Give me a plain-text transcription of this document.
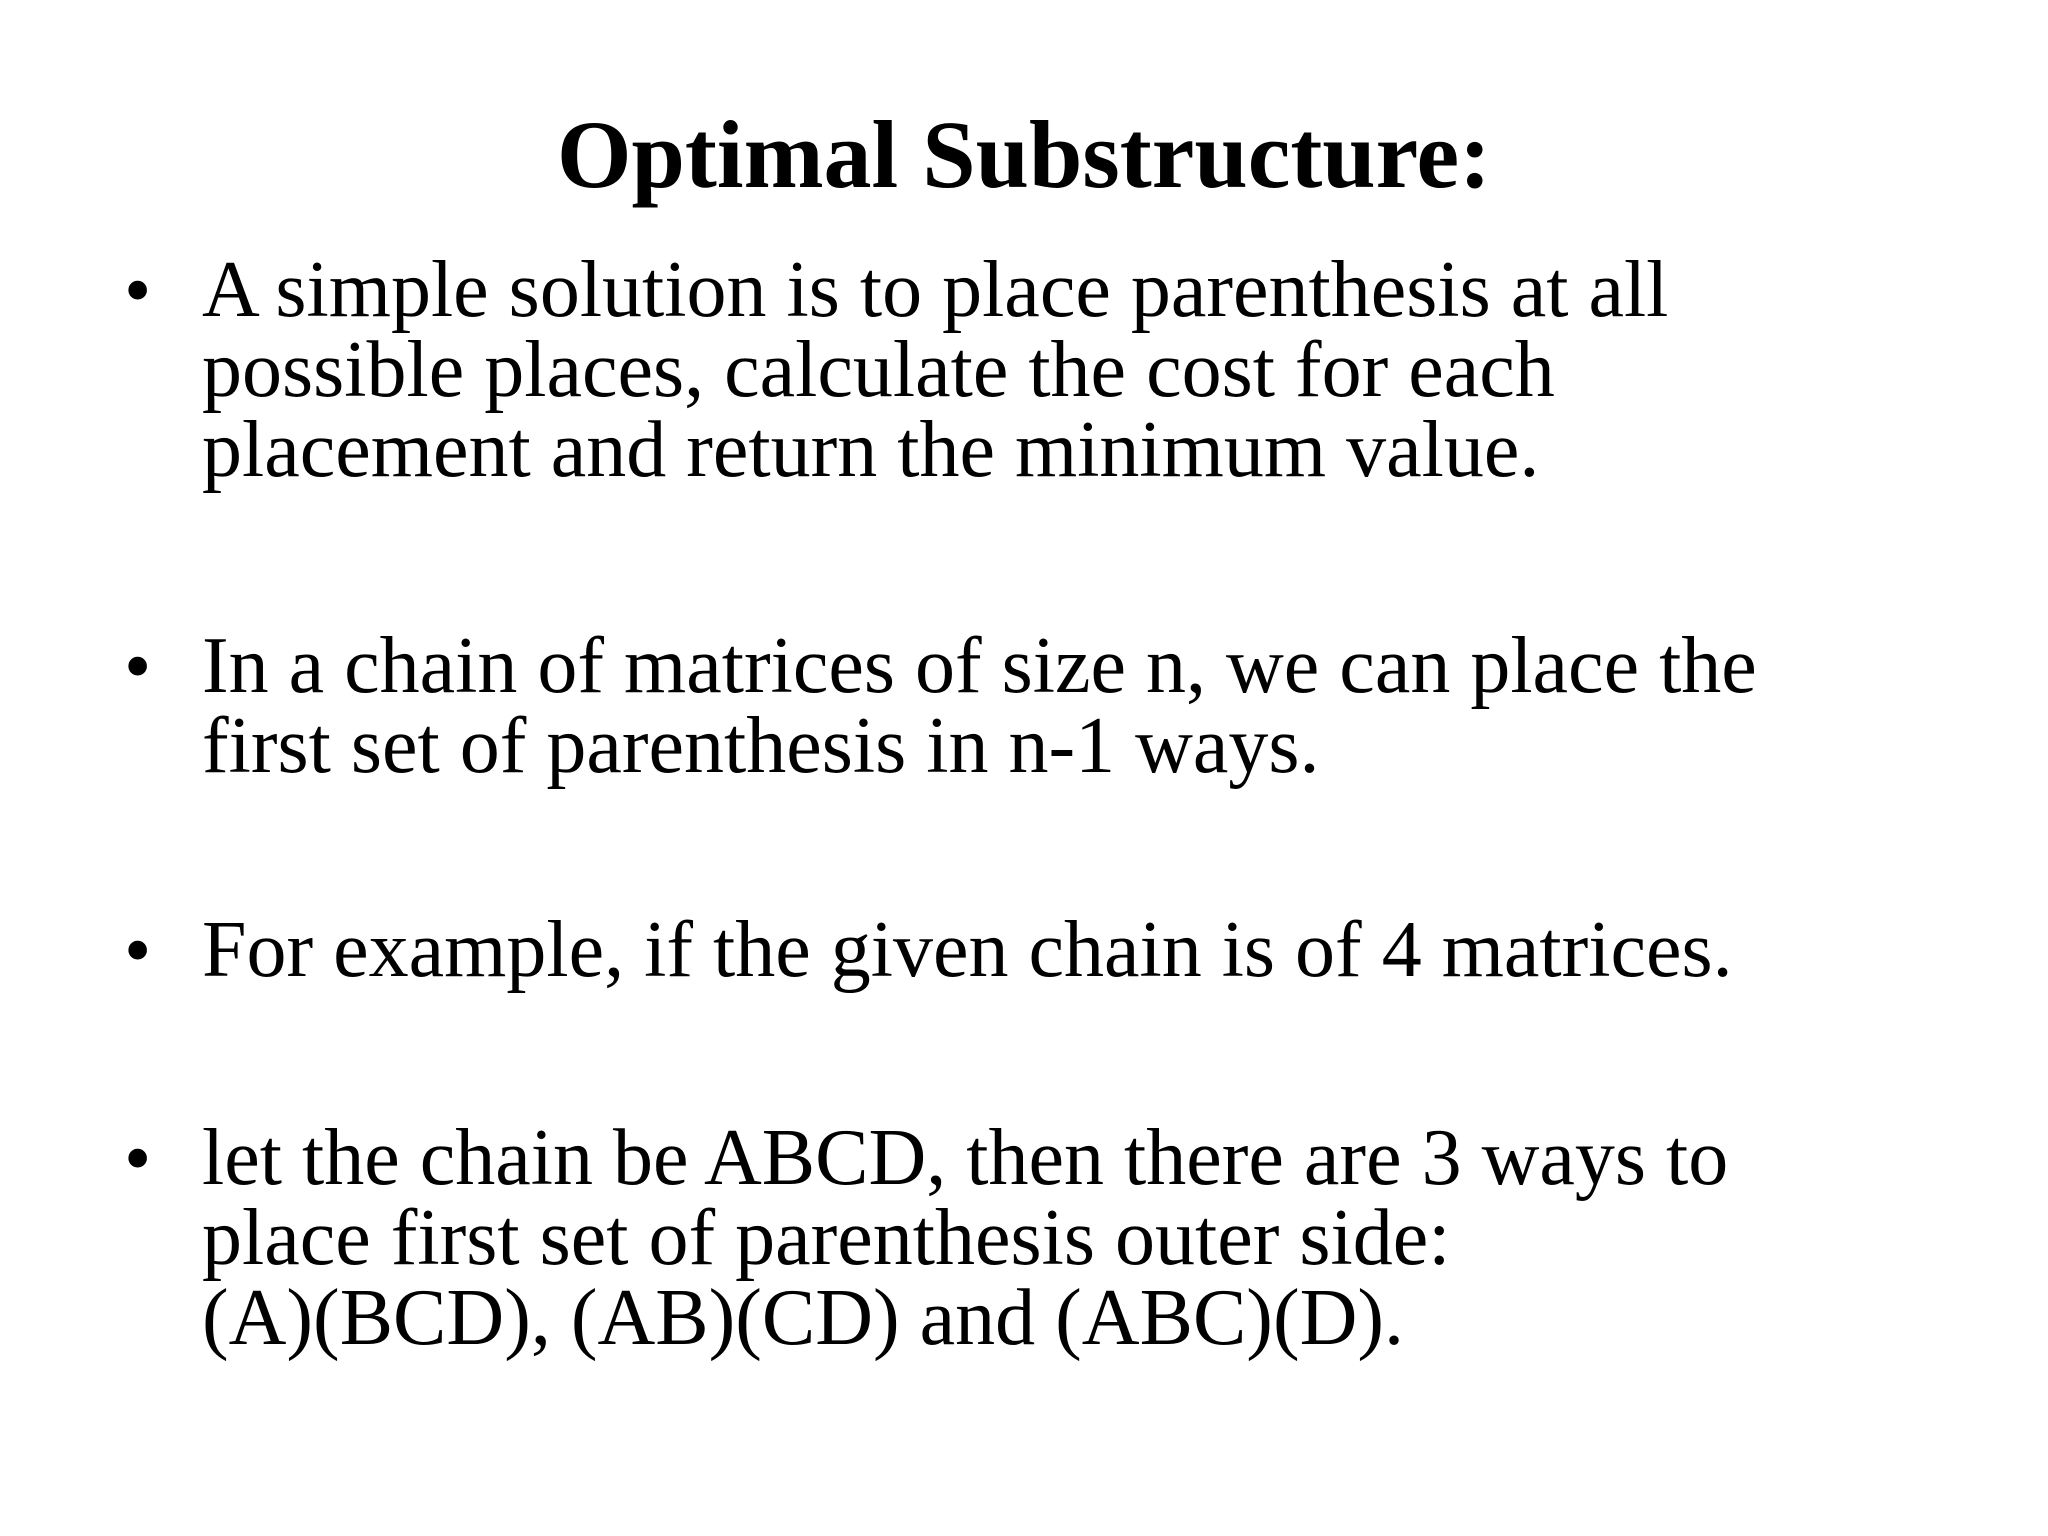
Optimal Substructure:
• A simple solution is to place parenthesis at all
possible places, calculate the cost for each
placement and return the minimum value.
• In a chain of matrices of size n, we can place the
first set of parenthesis in n-1 ways.
• For example, if the given chain is of 4 matrices.
• let the chain be ABCD, then there are 3 ways to
place first set of parenthesis outer side:
(A)(BCD), (AB)(CD) and (ABC)(D).
